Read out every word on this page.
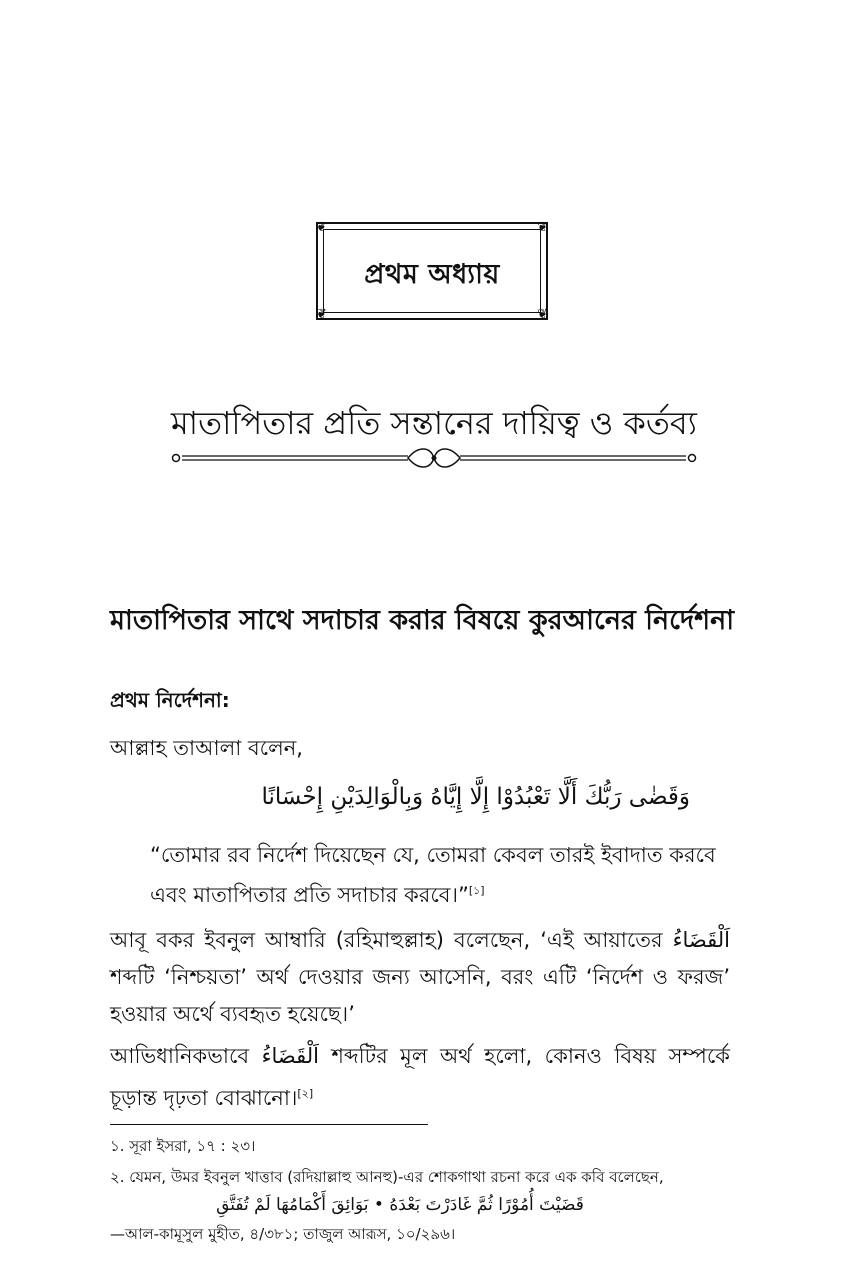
❦	❦
❦	❦
প্রথম অধ্যায়
মাতাপিতার প্রতি সন্তানের দায়িত্ব ও কর্তব্য
মাতাপিতার সাথে সদাচার করার বিষয়ে কুরআনের নির্দেশনা
প্রথম নির্দেশনা:
আল্লাহ তাআলা বলেন,
وَقَضٰى رَبُّكَ أَلَّا تَعْبُدُوْا إِلَّا إِيَّاهُ وَبِالْوَالِدَيْنِ إِحْسَانًا
“তোমার রব নির্দেশ দিয়েছেন যে, তোমরা কেবল তারই ইবাদাত করবে এবং মাতাপিতার প্রতি সদাচার করবে।”[১]
আবূ বকর ইবনুল আম্বারি (রহিমাহুল্লাহ) বলেছেন, ‘এই আয়াতের اَلْقَضَاءُ শব্দটি ‘নিশ্চয়তা’ অর্থ দেওয়ার জন্য আসেনি, বরং এটি ‘নির্দেশ ও ফরজ’ হওয়ার অর্থে ব্যবহৃত হয়েছে।’
আভিধানিকভাবে اَلْقَضَاءُ শব্দটির মূল অর্থ হলো, কোনও বিষয় সম্পর্কে চূড়ান্ত দৃঢ়তা বোঝানো।[২]
১. সূরা ইসরা, ১৭ : ২৩।
২. যেমন, উমর ইবনুল খাত্তাব (রদিয়াল্লাহু আনহু)-এর শোকগাথা রচনা করে এক কবি বলেছেন,
قَضَيْتَ أُمُوْرًا ثُمَّ غَادَرْتَ بَعْدَهُ • بَوَائِقَ أَكْمَامُهَا لَمْ تُفَتَّقِ
—আল-কামূসুল মুহীত, ৪/৩৮১; তাজুল আরূস, ১০/২৯৬।
